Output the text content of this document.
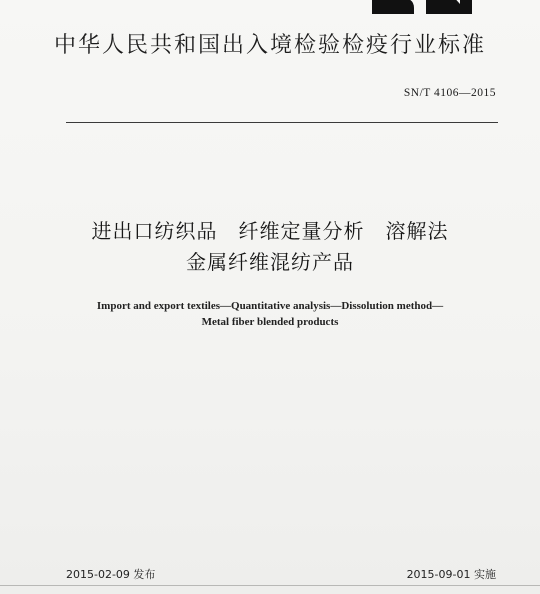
中华人民共和国出入境检验检疫行业标准
SN/T 4106—2015
进出口纺织品　纤维定量分析　溶解法
金属纤维混纺产品
Import and export textiles—Quantitative analysis—Dissolution method—
Metal fiber blended products
2015-02-09 发布	2015-09-01 实施
